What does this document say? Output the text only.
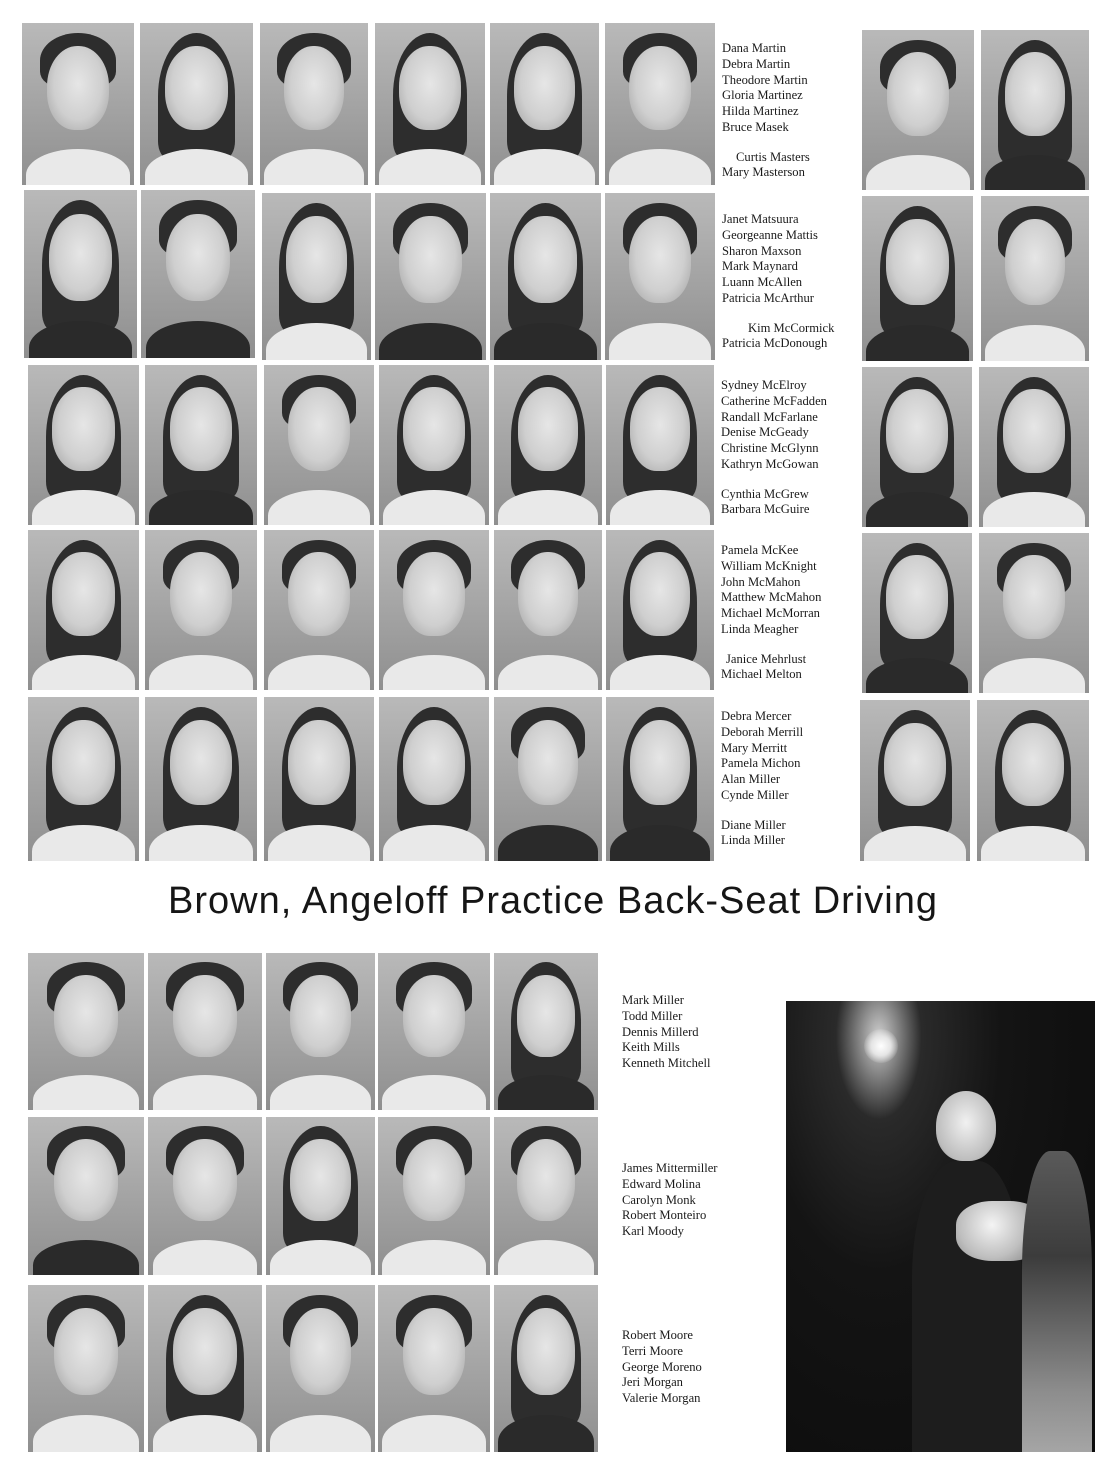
Dana Martin
Debra Martin
Theodore Martin
Gloria Martinez
Hilda Martinez
Bruce Masek
Curtis Masters
Mary Masterson
Janet Matsuura
Georgeanne Mattis
Sharon Maxson
Mark Maynard
Luann McAllen
Patricia McArthur
Kim McCormick
Patricia McDonough
Sydney McElroy
Catherine McFadden
Randall McFarlane
Denise McGeady
Christine McGlynn
Kathryn McGowan
Cynthia McGrew
Barbara McGuire
Pamela McKee
William McKnight
John McMahon
Matthew McMahon
Michael McMorran
Linda Meagher
Janice Mehrlust
Michael Melton
Debra Mercer
Deborah Merrill
Mary Merritt
Pamela Michon
Alan Miller
Cynde Miller
Diane Miller
Linda Miller
Brown, Angeloff Practice Back-Seat Driving
Mark Miller
Todd Miller
Dennis Millerd
Keith Mills
Kenneth Mitchell
James Mittermiller
Edward Molina
Carolyn Monk
Robert Monteiro
Karl Moody
Robert Moore
Terri Moore
George Moreno
Jeri Morgan
Valerie Morgan
